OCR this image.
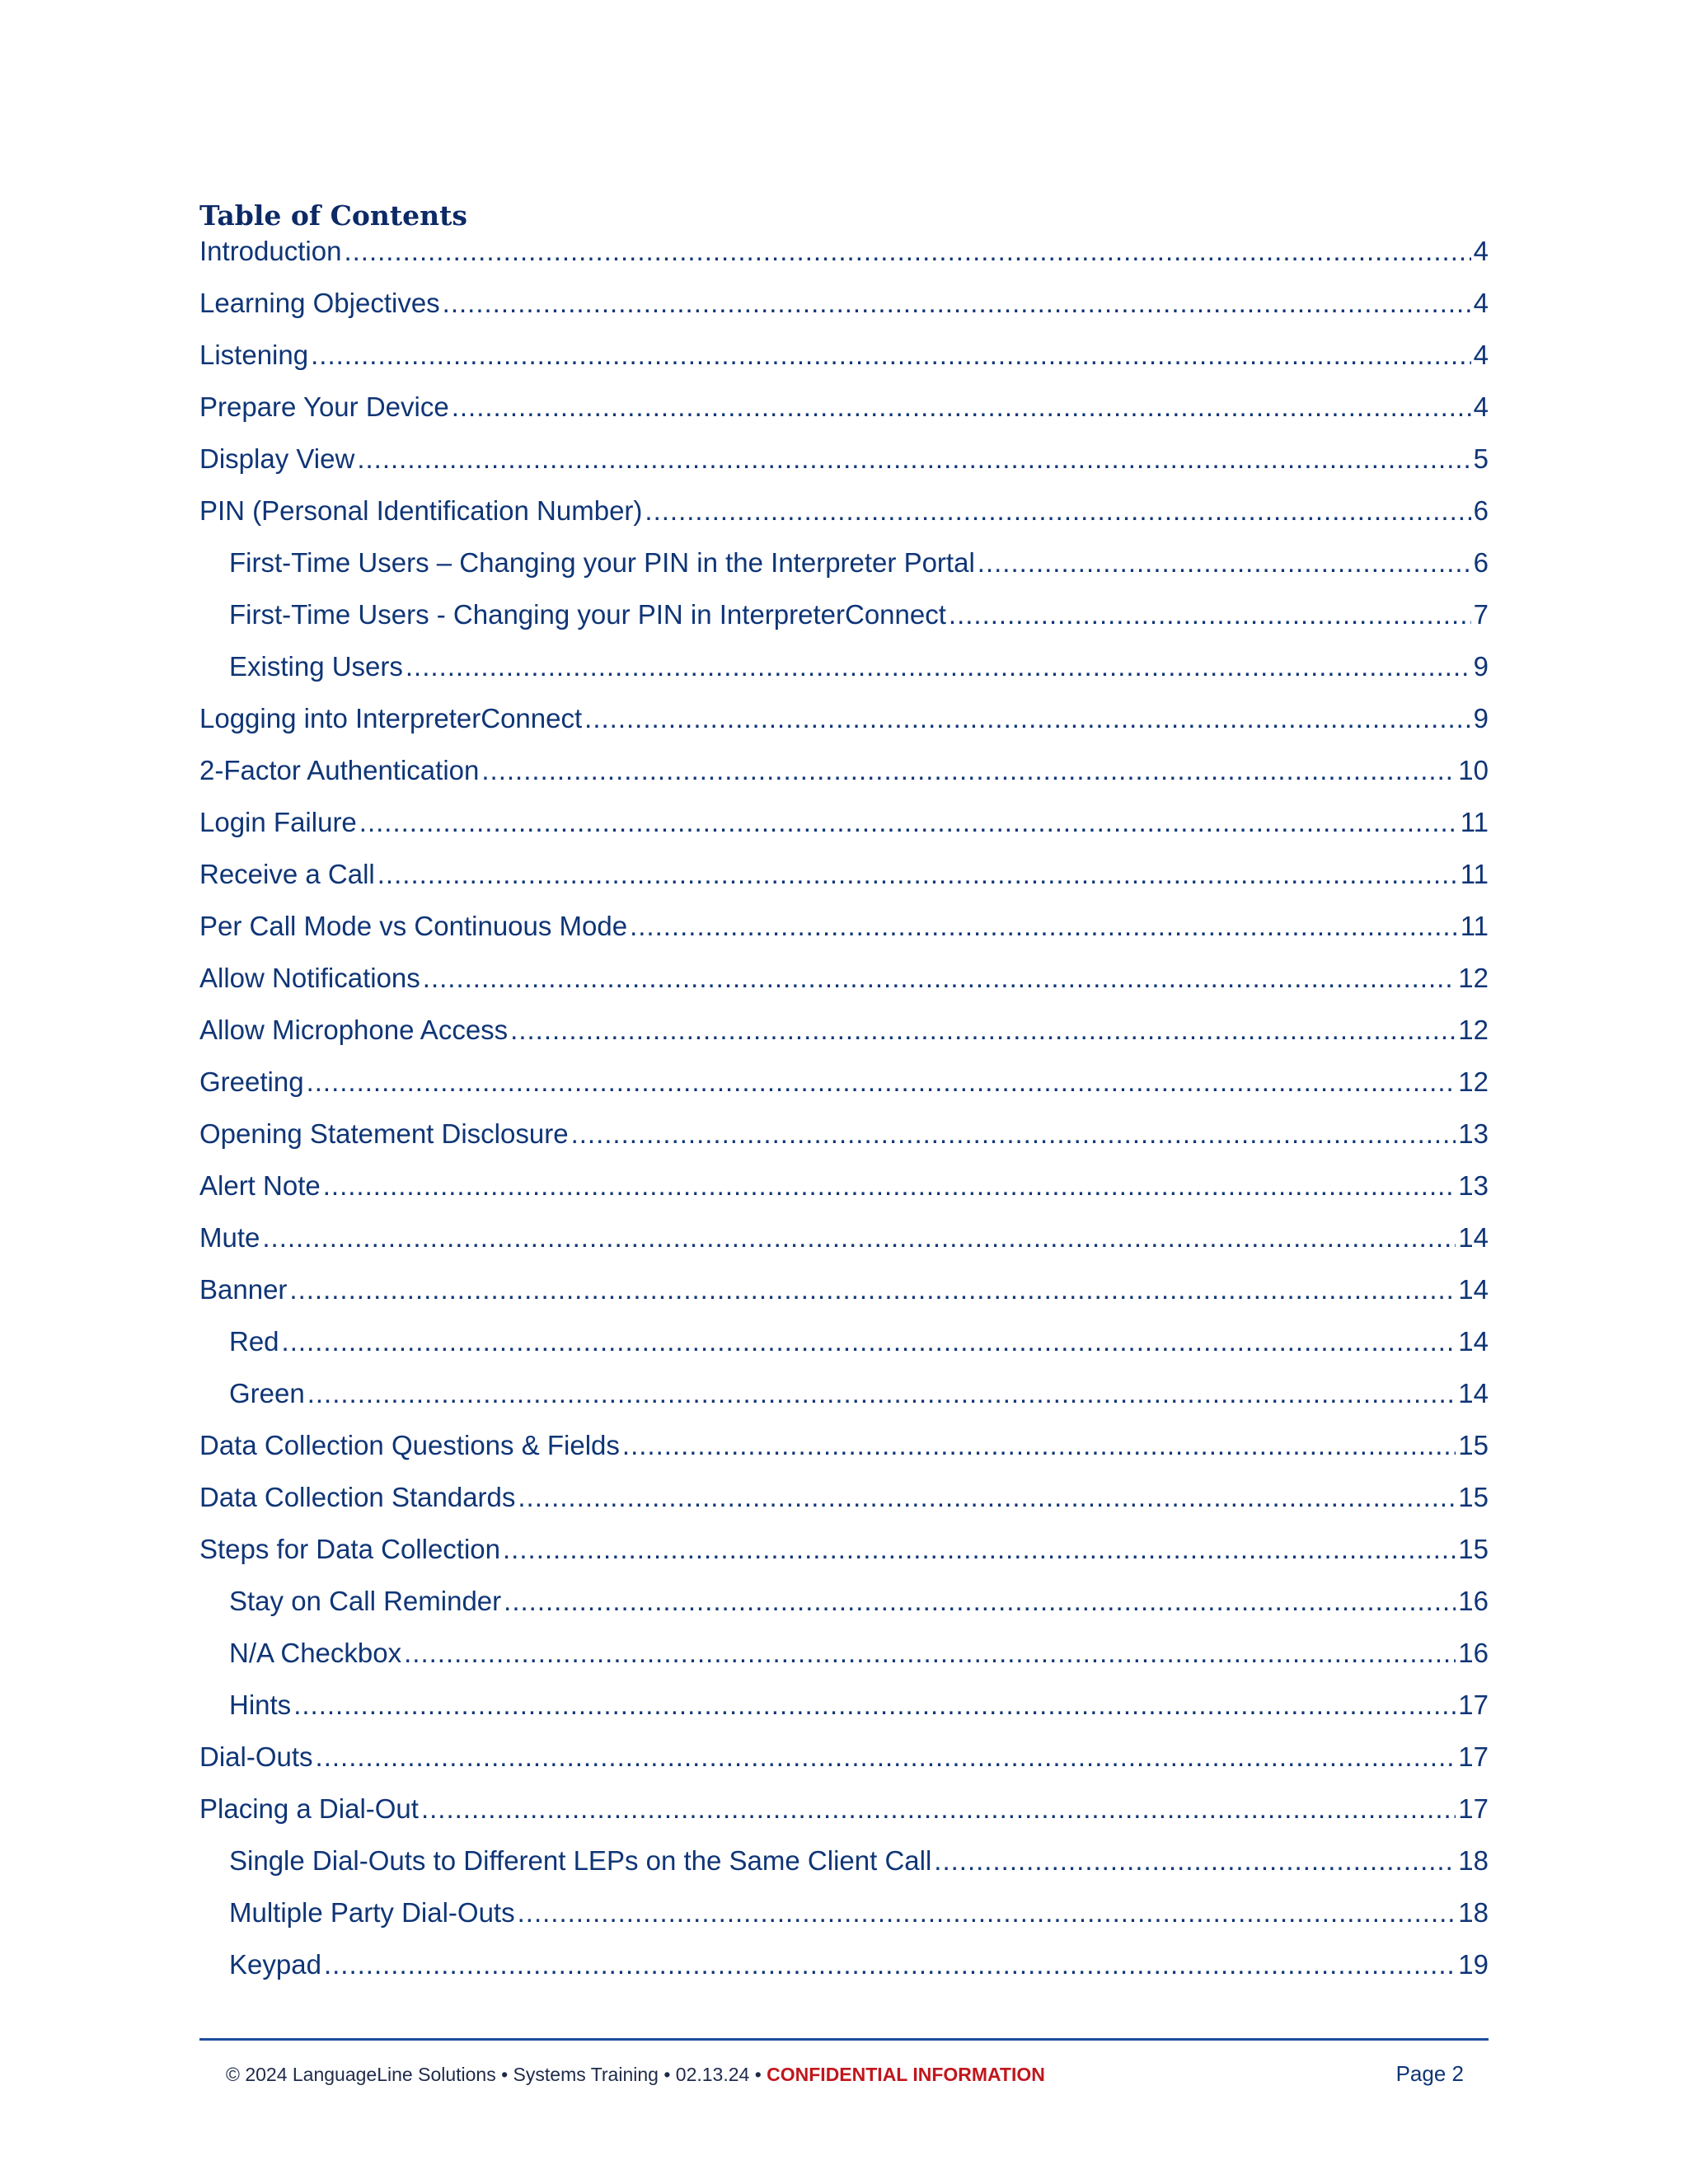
Table of Contents
Introduction .....	4
Learning Objectives .....	4
Listening .....	4
Prepare Your Device .....	4
Display View .....	5
PIN (Personal Identification Number) .....	6
First-Time Users – Changing your PIN in the Interpreter Portal .....	6
First-Time Users - Changing your PIN in InterpreterConnect .....	7
Existing Users .....	9
Logging into InterpreterConnect .....	9
2-Factor Authentication .....	10
Login Failure .....	11
Receive a Call .....	11
Per Call Mode vs Continuous Mode .....	11
Allow Notifications .....	12
Allow Microphone Access .....	12
Greeting .....	12
Opening Statement Disclosure .....	13
Alert Note .....	13
Mute .....	14
Banner .....	14
Red .....	14
Green .....	14
Data Collection Questions & Fields .....	15
Data Collection Standards .....	15
Steps for Data Collection .....	15
Stay on Call Reminder .....	16
N/A Checkbox .....	16
Hints .....	17
Dial-Outs .....	17
Placing a Dial-Out .....	17
Single Dial-Outs to Different LEPs on the Same Client Call .....	18
Multiple Party Dial-Outs .....	18
Keypad .....	19
© 2024 LanguageLine Solutions • Systems Training • 02.13.24 • CONFIDENTIAL INFORMATION	Page 2
